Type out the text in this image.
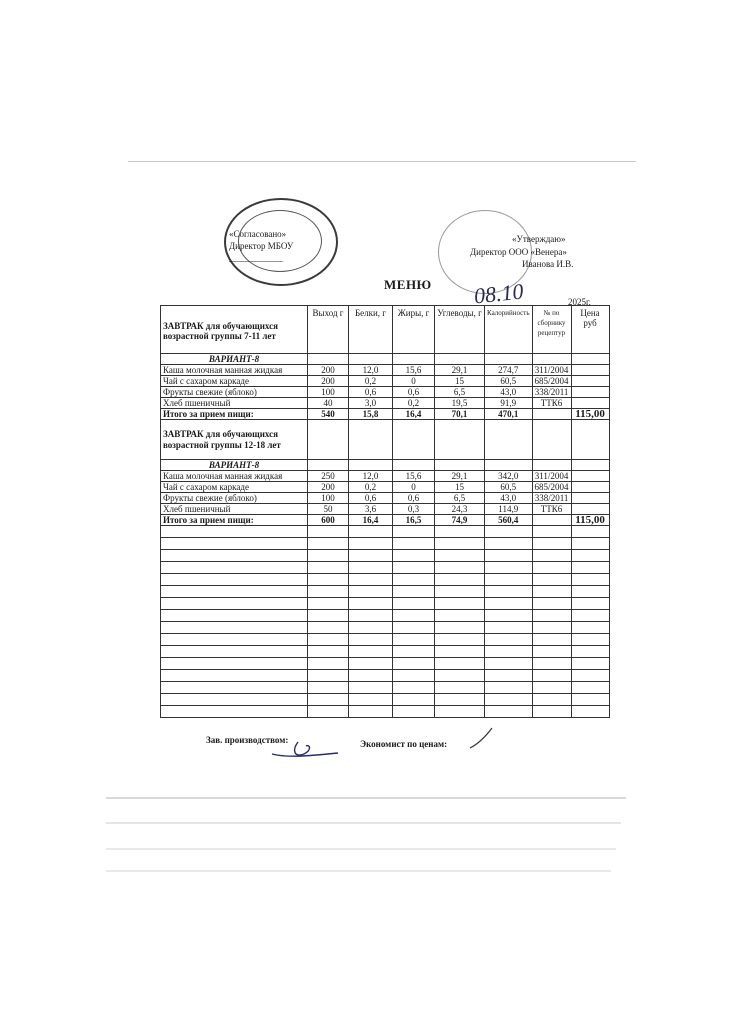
«Согласовано»
Директор МБОУ
____________
«Утверждаю»
Директор ООО «Венера»
Иванова И.В.
МЕНЮ 08.10	2025г.
ЗАВТРАК для обучающихся возрастной группы 7-11 лет	Выход г	Белки, г	Жиры, г	Углеводы, г	Калорийность	№ по сборнику рецептур	Цена руб
ВАРИАНТ-8							
Каша молочная манная жидкая	200	12,0	15,6	29,1	274,7	311/2004	
Чай с сахаром каркаде	200	0,2	0	15	60,5	685/2004	
Фрукты свежие (яблоко)	100	0,6	0,6	6,5	43,0	338/2011	
Хлеб пшеничный	40	3,0	0,2	19,5	91,9	ТТК6	
Итого за прием пищи:	540	15,8	16,4	70,1	470,1		115,00
ЗАВТРАК для обучающихся возрастной группы 12-18 лет							
ВАРИАНТ-8							
Каша молочная манная жидкая	250	12,0	15,6	29,1	342,0	311/2004	
Чай с сахаром каркаде	200	0,2	0	15	60,5	685/2004	
Фрукты свежие (яблоко)	100	0,6	0,6	6,5	43,0	338/2011	
Хлеб пшеничный	50	3,6	0,3	24,3	114,9	ТТК6	
Итого за прием пищи:	600	16,4	16,5	74,9	560,4		115,00

Зав. производством:	Экономист по ценам:
